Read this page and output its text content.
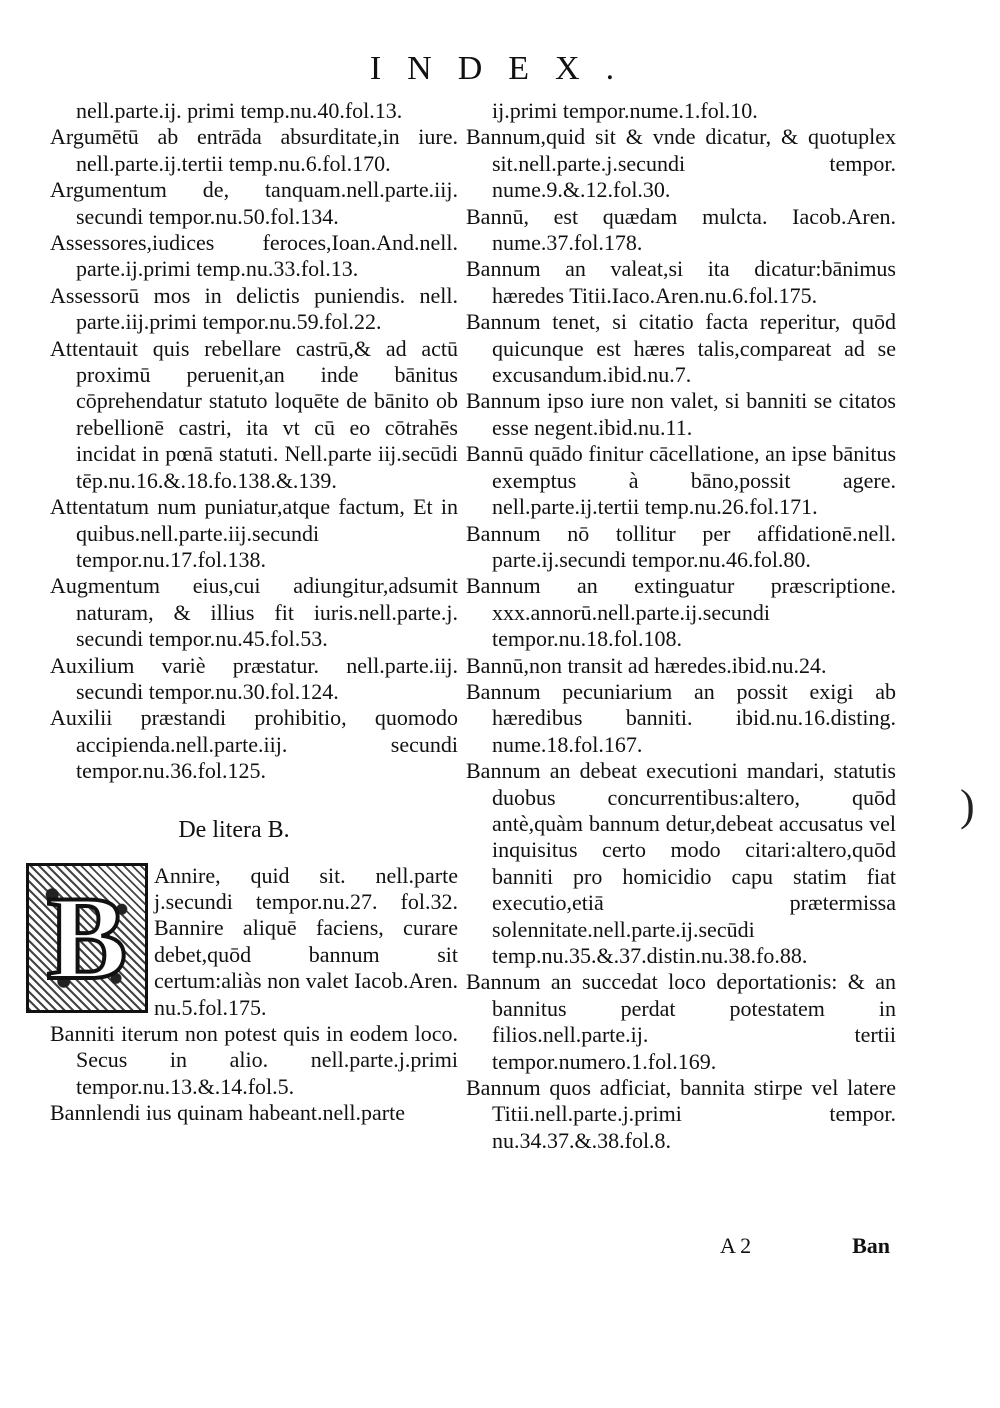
INDEX.
nell.parte.ij. primi temp.nu.40.fol.13.
Argumētū ab entrāda absurditate,in iure. nell.parte.ij.tertii temp.nu.6.fol.170.
Argumentum de, tanquam.nell.parte.iij. secundi tempor.nu.50.fol.134.
Assessores,iudices feroces,Ioan.And.nell. parte.ij.primi temp.nu.33.fol.13.
Assessorū mos in delictis puniendis. nell. parte.iij.primi tempor.nu.59.fol.22.
Attentauit quis rebellare castrū,& ad actū proximū peruenit,an inde bānitus cōprehendatur statuto loquēte de bānito ob rebellionē castri, ita vt cū eo cōtrahēs incidat in pœnā statuti. Nell.parte iij.secūdi tēp.nu.16.&.18.fo.138.&.139.
Attentatum num puniatur,atque factum, Et in quibus.nell.parte.iij.secundi tempor.nu.17.fol.138.
Augmentum eius,cui adiungitur,adsumit naturam, & illius fit iuris.nell.parte.j. secundi tempor.nu.45.fol.53.
Auxilium variè præstatur. nell.parte.iij. secundi tempor.nu.30.fol.124.
Auxilii præstandi prohibitio, quomodo accipienda.nell.parte.iij. secundi tempor.nu.36.fol.125.
De litera B.
B	Annire, quid sit. nell.parte j.secundi tempor.nu.27. fol.32. Bannire aliquē faciens, curare debet,quōd bannum sit certum:aliàs non valet Iacob.Aren. nu.5.fol.175.
Banniti iterum non potest quis in eodem loco. Secus in alio. nell.parte.j.primi tempor.nu.13.&.14.fol.5.
Bannlendi ius quinam habeant.nell.parte
ij.primi tempor.nume.1.fol.10.
Bannum,quid sit & vnde dicatur, & quotuplex sit.nell.parte.j.secundi tempor. nume.9.&.12.fol.30.
Bannū, est quædam mulcta. Iacob.Aren. nume.37.fol.178.
Bannum an valeat,si ita dicatur:bānimus hæredes Titii.Iaco.Aren.nu.6.fol.175.
Bannum tenet, si citatio facta reperitur, quōd quicunque est hæres talis,compareat ad se excusandum.ibid.nu.7.
Bannum ipso iure non valet, si banniti se citatos esse negent.ibid.nu.11.
Bannū quādo finitur cācellatione, an ipse bānitus exemptus à bāno,possit agere. nell.parte.ij.tertii temp.nu.26.fol.171.
Bannum nō tollitur per affidationē.nell. parte.ij.secundi tempor.nu.46.fol.80.
Bannum an extinguatur præscriptione. xxx.annorū.nell.parte.ij.secundi tempor.nu.18.fol.108.
Bannū,non transit ad hæredes.ibid.nu.24.
Bannum pecuniarium an possit exigi ab hæredibus banniti. ibid.nu.16.disting. nume.18.fol.167.
Bannum an debeat executioni mandari, statutis duobus concurrentibus:altero, quōd antè,quàm bannum detur,debeat accusatus vel inquisitus certo modo citari:altero,quōd banniti pro homicidio capu statim fiat executio,etiā prætermissa solennitate.nell.parte.ij.secūdi temp.nu.35.&.37.distin.nu.38.fo.88.
Bannum an succedat loco deportationis: & an bannitus perdat potestatem in filios.nell.parte.ij. tertii tempor.numero.1.fol.169.
Bannum quos adficiat, bannita stirpe vel latere Titii.nell.parte.j.primi tempor. nu.34.37.&.38.fol.8.
A 2	Ban
)
